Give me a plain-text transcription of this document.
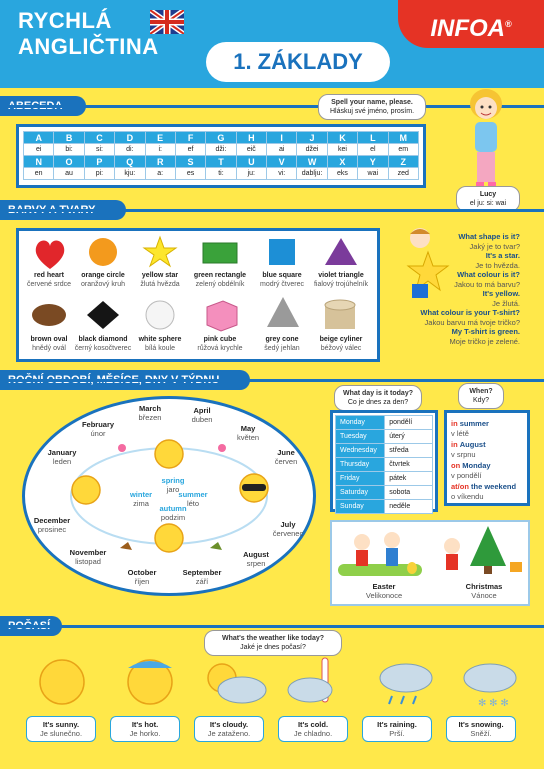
RYCHLÁ
ANGLIČTINA
1. ZÁKLADY
INFOA®
A	B	C	D	E	F	G	H	I	J	K	L	M
ei	bi:	si:	di:	i:	ef	dži:	eič	ai	džei	kei	el	em
N	O	P	Q	R	S	T	U	V	W	X	Y	Z
en	au	pi:	kju:	a:	es	ti:	ju:	vi:	dablju:	eks	wai	zed
Spell your name, please.
Hláskuj své jméno, prosím.
Lucy
el ju: si: wai
red heart
červené srdce
orange circle
oranžový kruh
yellow star
žlutá hvězda
green rectangle
zelený obdélník
blue square
modrý čtverec
violet triangle
fialový trojúhelník
brown oval
hnědý ovál
black diamond
černý kosočtverec
white sphere
bílá koule
pink cube
růžová krychle
grey cone
šedý jehlan
beige cyliner
béžový válec
What shape is it?
Jaký je to tvar?
It's a star.
Je to hvězda.
What colour is it?
Jakou to má barvu?
It's yellow.
Je žlutá.
What colour is your T-shirt?
Jakou barvu má tvoje tričko?
My T-shirt is green.
Moje tričko je zelené.
March
březen
April
duben
February
únor
May
květen
January
leden
June
červen
December
prosinec
July
červenec
November
listopad
August
srpen
October
říjen
September
září
spring
jaro
winter
zima
summer
léto
autumn
podzim
What day is it today?
Co je dnes za den?
Monday	pondělí
Tuesday	úterý
Wednesday	středa
Thursday	čtvrtek
Friday	pátek
Saturday	sobota
Sunday	neděle
When?
Kdy?
in summer
v létě
in August
v srpnu
on Monday
v pondělí
at/on the weekend
o víkendu
Easter
Velikonoce
Christmas
Vánoce
What's the weather like today?
Jaké je dnes počasí?
✻ ✻ ✻
It's sunny.
Je slunečno.
It's hot.
Je horko.
It's cloudy.
Je zataženo.
It's cold.
Je chladno.
It's raining.
Prší.
It's snowing.
Sněží.
